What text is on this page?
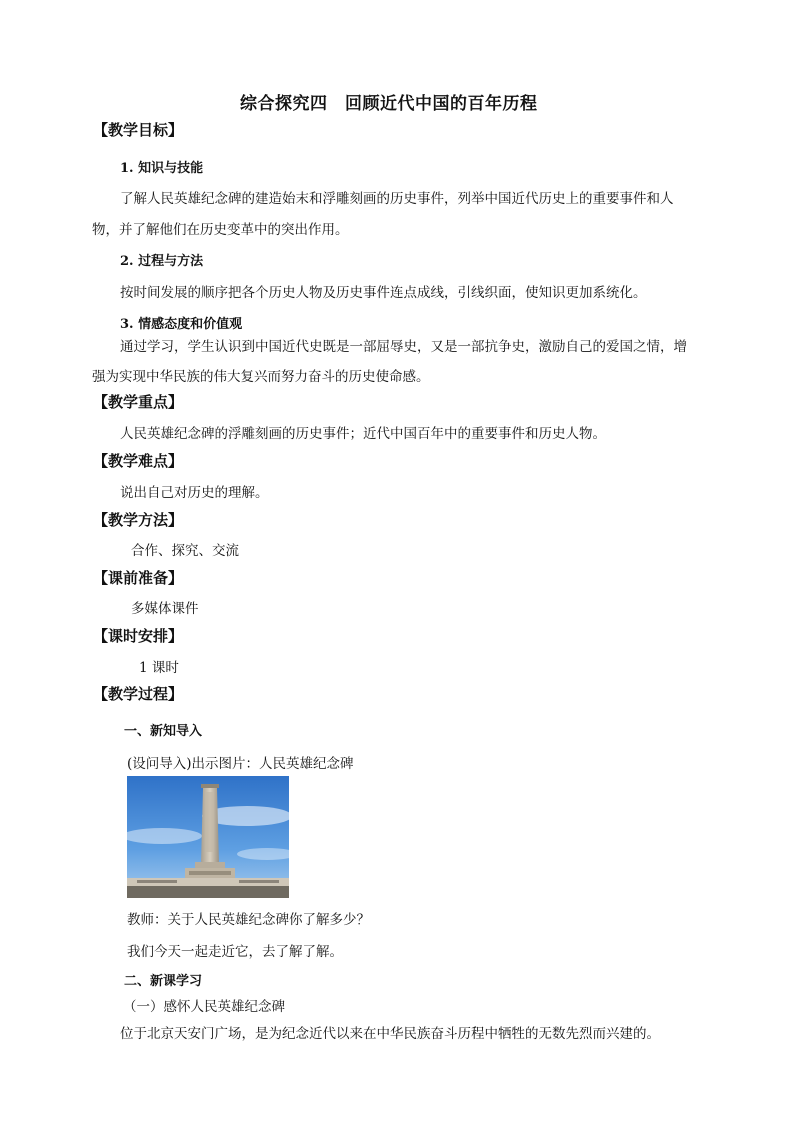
综合探究四　回顾近代中国的百年历程
【教学目标】
1. 知识与技能
了解人民英雄纪念碑的建造始末和浮雕刻画的历史事件，列举中国近代历史上的重要事件和人
物，并了解他们在历史变革中的突出作用。
2. 过程与方法
按时间发展的顺序把各个历史人物及历史事件连点成线，引线织面，使知识更加系统化。
3. 情感态度和价值观
通过学习，学生认识到中国近代史既是一部屈辱史，又是一部抗争史，激励自己的爱国之情，增
强为实现中华民族的伟大复兴而努力奋斗的历史使命感。
【教学重点】
人民英雄纪念碑的浮雕刻画的历史事件；近代中国百年中的重要事件和历史人物。
【教学难点】
说出自己对历史的理解。
【教学方法】
合作、探究、交流
【课前准备】
多媒体课件
【课时安排】
1 课时
【教学过程】
一、新知导入
(设问导入)出示图片：人民英雄纪念碑
教师：关于人民英雄纪念碑你了解多少？
我们今天一起走近它，去了解了解。
二、新课学习
（一）感怀人民英雄纪念碑
位于北京天安门广场，是为纪念近代以来在中华民族奋斗历程中牺牲的无数先烈而兴建的。
